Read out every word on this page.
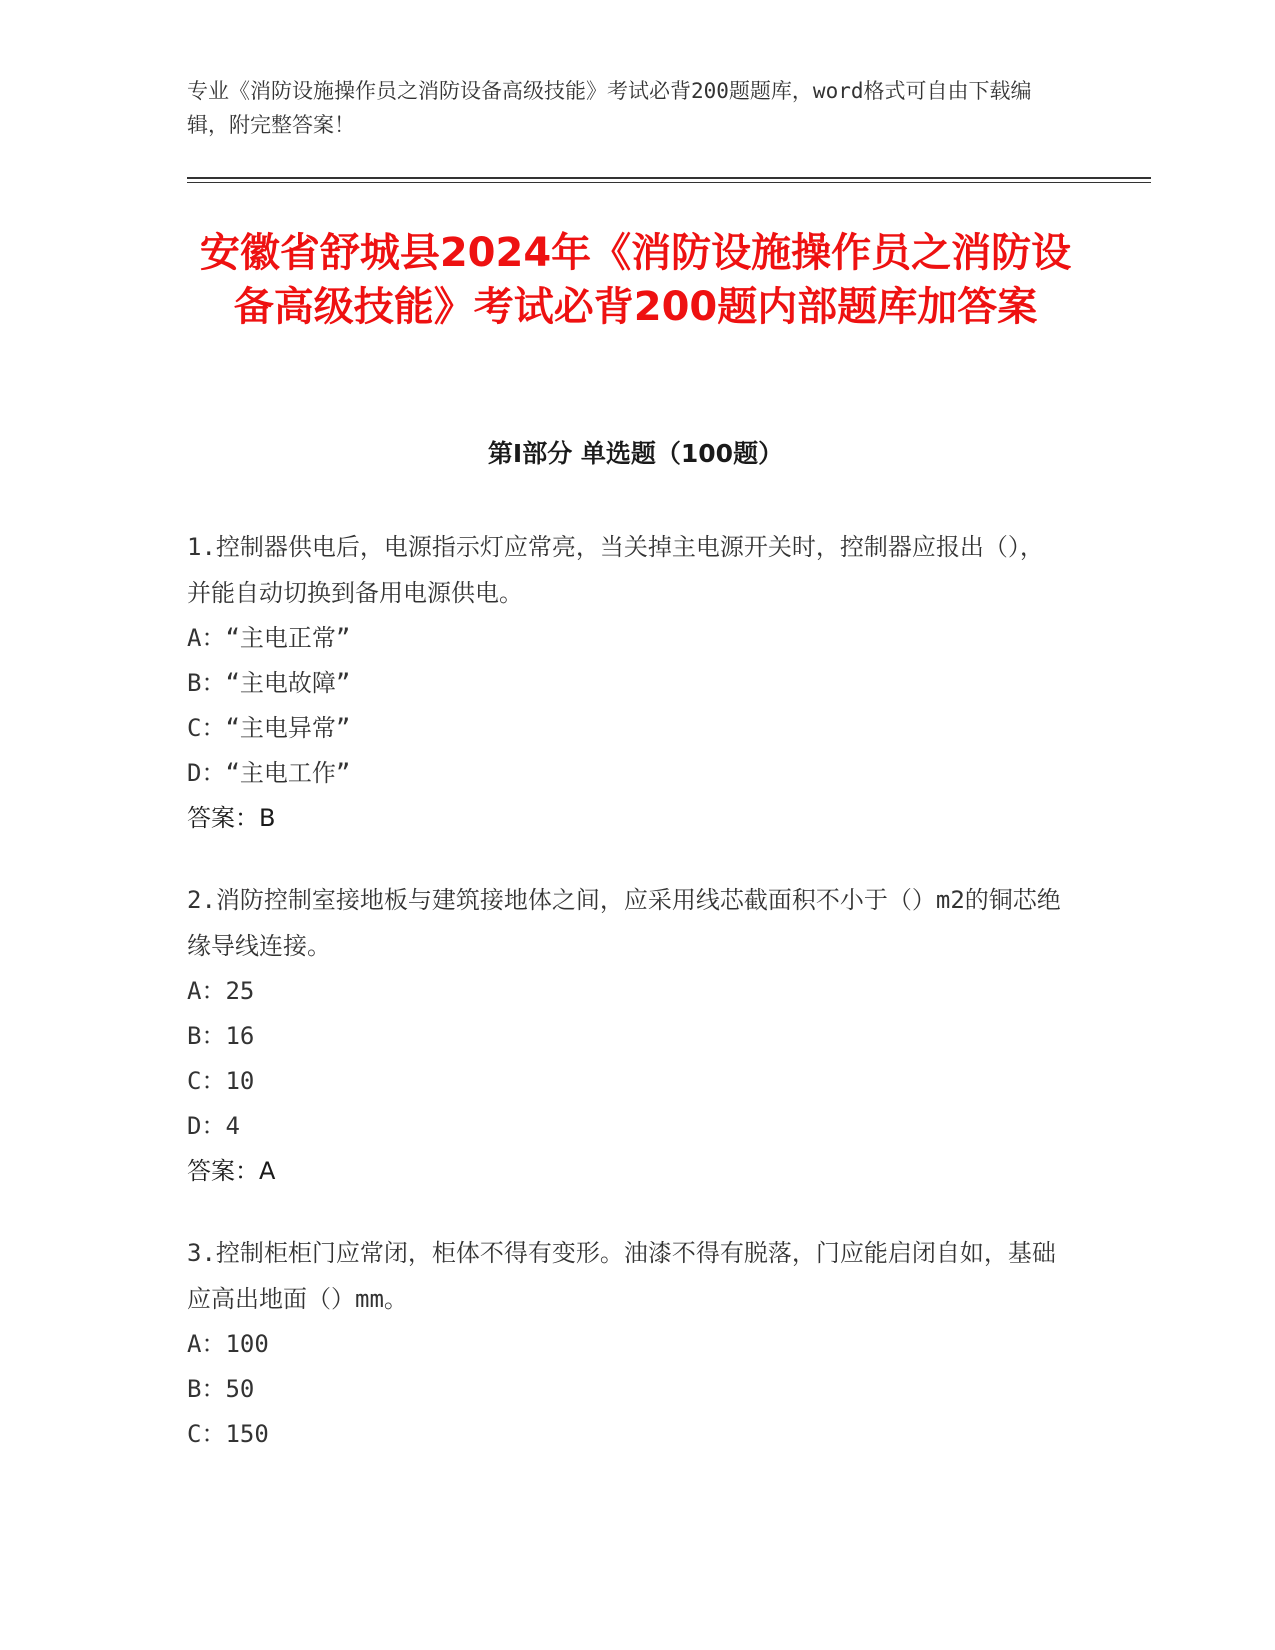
专业《消防设施操作员之消防设备高级技能》考试必背200题题库，word格式可自由下载编辑，附完整答案！
安徽省舒城县2024年《消防设施操作员之消防设备高级技能》考试必背200题内部题库加答案
第Ⅰ部分 单选题（100题）

1.控制器供电后，电源指示灯应常亮，当关掉主电源开关时，控制器应报出（），并能自动切换到备用电源供电。

A：“主电正常”

B：“主电故障”

C：“主电异常”

D：“主电工作”

答案：B

2.消防控制室接地板与建筑接地体之间，应采用线芯截面积不小于（）m2的铜芯绝缘导线连接。

A：25

B：16

C：10

D：4

答案：A

3.控制柜柜门应常闭，柜体不得有变形。油漆不得有脱落，门应能启闭自如，基础应高出地面（）mm。

A：100

B：50

C：150
